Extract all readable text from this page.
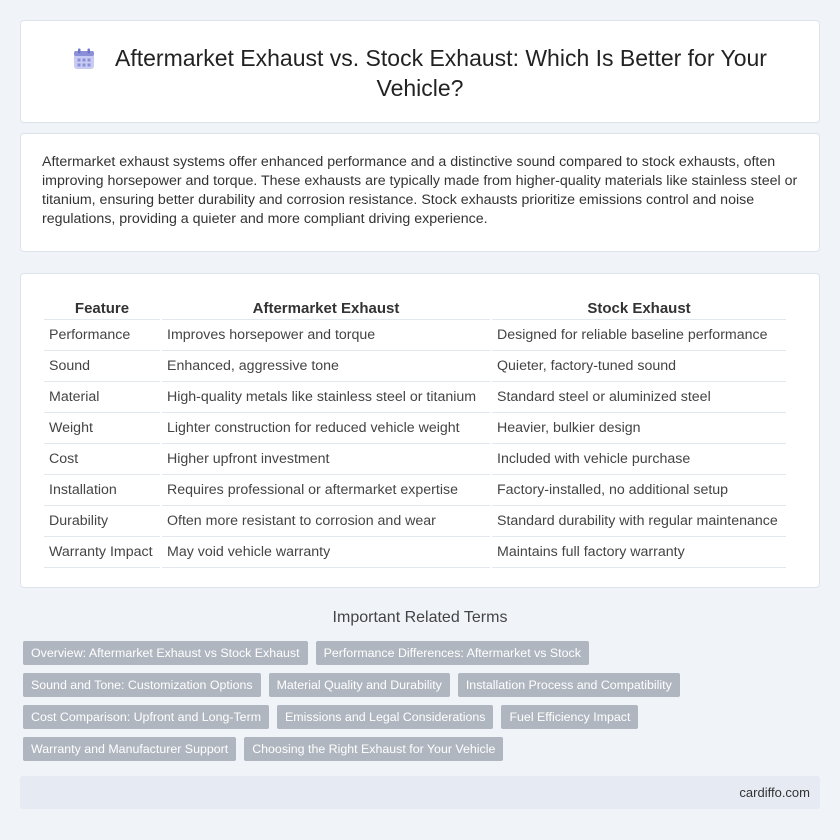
Aftermarket Exhaust vs. Stock Exhaust: Which Is Better for Your Vehicle?

Aftermarket exhaust systems offer enhanced performance and a distinctive sound compared to stock exhausts, often improving horsepower and torque. These exhausts are typically made from higher-quality materials like stainless steel or titanium, ensuring better durability and corrosion resistance. Stock exhausts prioritize emissions control and noise regulations, providing a quieter and more compliant driving experience.

Feature	Aftermarket Exhaust	Stock Exhaust
Performance	Improves horsepower and torque	Designed for reliable baseline performance
Sound	Enhanced, aggressive tone	Quieter, factory-tuned sound
Material	High-quality metals like stainless steel or titanium	Standard steel or aluminized steel
Weight	Lighter construction for reduced vehicle weight	Heavier, bulkier design
Cost	Higher upfront investment	Included with vehicle purchase
Installation	Requires professional or aftermarket expertise	Factory-installed, no additional setup
Durability	Often more resistant to corrosion and wear	Standard durability with regular maintenance
Warranty Impact	May void vehicle warranty	Maintains full factory warranty
Important Related Terms
Overview: Aftermarket Exhaust vs Stock Exhaust	Performance Differences: Aftermarket vs Stock
Sound and Tone: Customization Options	Material Quality and Durability	Installation Process and Compatibility
Cost Comparison: Upfront and Long-Term	Emissions and Legal Considerations	Fuel Efficiency Impact
Warranty and Manufacturer Support	Choosing the Right Exhaust for Your Vehicle
cardiffo.com
